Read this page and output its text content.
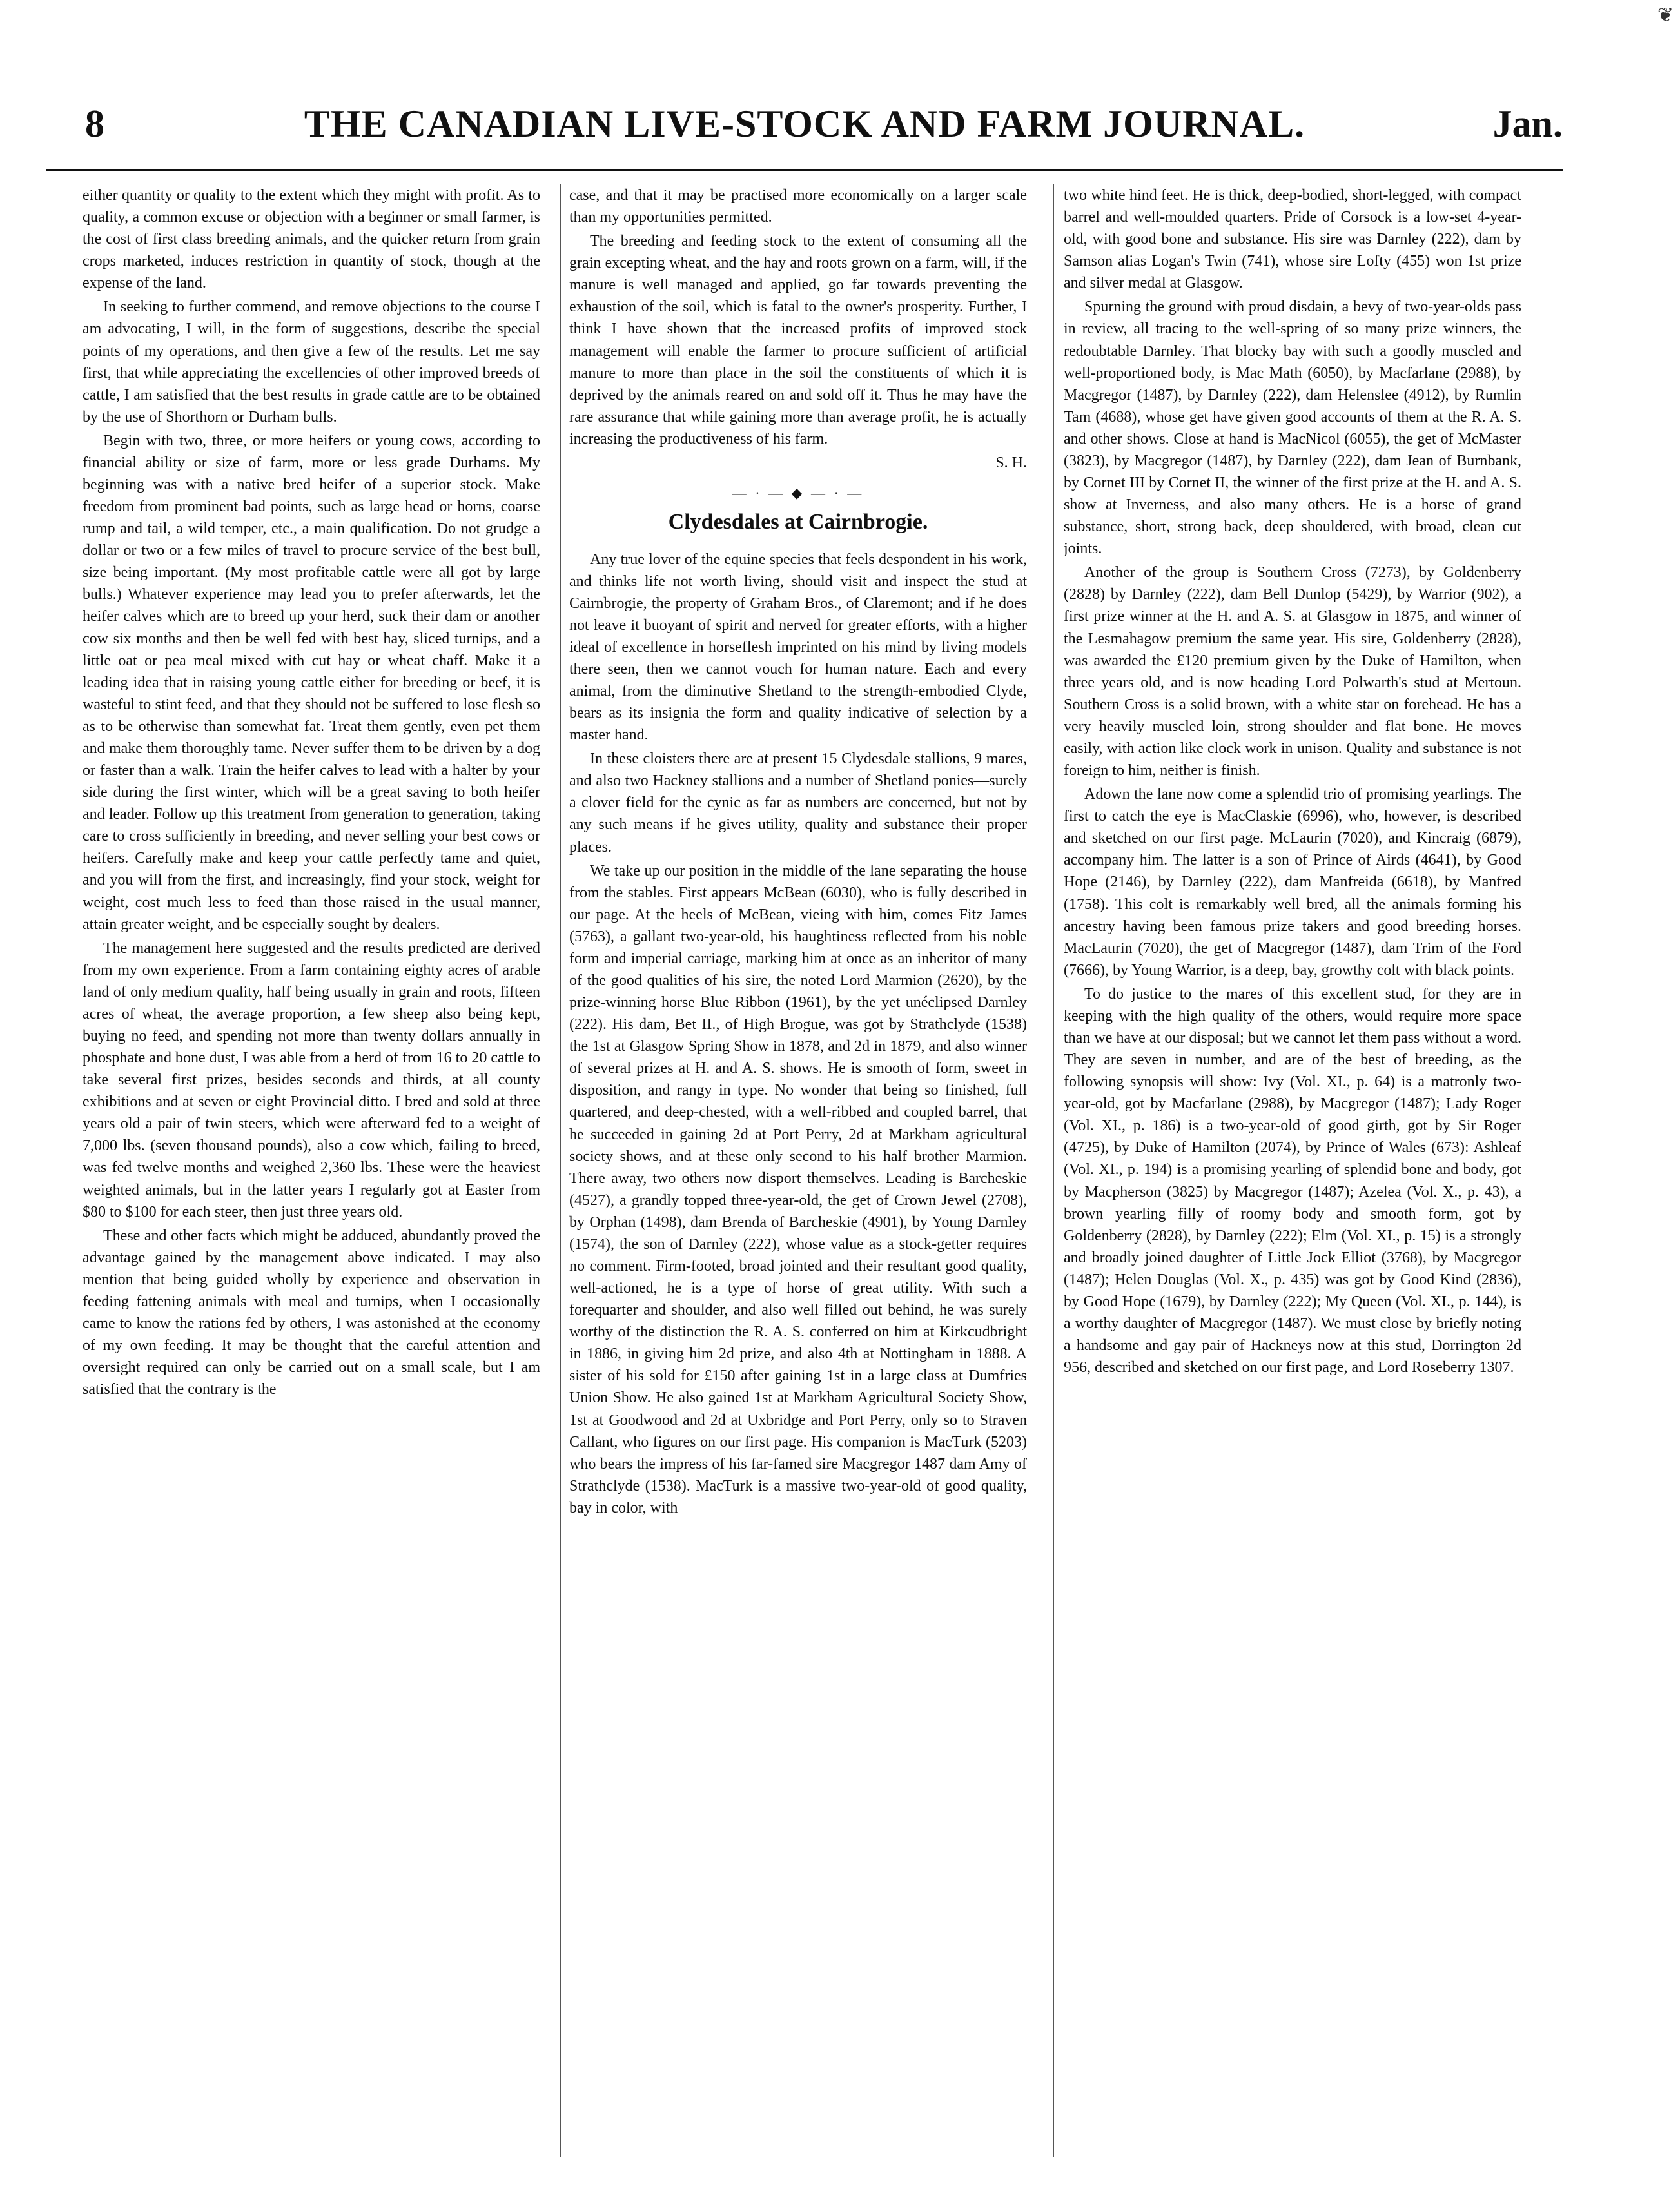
❦
8	THE CANADIAN LIVE-STOCK AND FARM JOURNAL.	Jan.

either quantity or quality to the extent which they might with profit. As to quality, a common excuse or objection with a beginner or small farmer, is the cost of first class breeding animals, and the quicker return from grain crops marketed, induces restriction in quantity of stock, though at the expense of the land.

In seeking to further commend, and remove objections to the course I am advocating, I will, in the form of suggestions, describe the special points of my operations, and then give a few of the results. Let me say first, that while appreciating the excellencies of other improved breeds of cattle, I am satisfied that the best results in grade cattle are to be obtained by the use of Shorthorn or Durham bulls.

Begin with two, three, or more heifers or young cows, according to financial ability or size of farm, more or less grade Durhams. My beginning was with a native bred heifer of a superior stock. Make freedom from prominent bad points, such as large head or horns, coarse rump and tail, a wild temper, etc., a main qualification. Do not grudge a dollar or two or a few miles of travel to procure service of the best bull, size being important. (My most profitable cattle were all got by large bulls.) Whatever experience may lead you to prefer afterwards, let the heifer calves which are to breed up your herd, suck their dam or another cow six months and then be well fed with best hay, sliced turnips, and a little oat or pea meal mixed with cut hay or wheat chaff. Make it a leading idea that in raising young cattle either for breeding or beef, it is wasteful to stint feed, and that they should not be suffered to lose flesh so as to be otherwise than somewhat fat. Treat them gently, even pet them and make them thoroughly tame. Never suffer them to be driven by a dog or faster than a walk. Train the heifer calves to lead with a halter by your side during the first winter, which will be a great saving to both heifer and leader. Follow up this treatment from generation to generation, taking care to cross sufficiently in breeding, and never selling your best cows or heifers. Carefully make and keep your cattle perfectly tame and quiet, and you will from the first, and increasingly, find your stock, weight for weight, cost much less to feed than those raised in the usual manner, attain greater weight, and be especially sought by dealers.

The management here suggested and the results predicted are derived from my own experience. From a farm containing eighty acres of arable land of only medium quality, half being usually in grain and roots, fifteen acres of wheat, the average proportion, a few sheep also being kept, buying no feed, and spending not more than twenty dollars annually in phosphate and bone dust, I was able from a herd of from 16 to 20 cattle to take several first prizes, besides seconds and thirds, at all county exhibitions and at seven or eight Provincial ditto. I bred and sold at three years old a pair of twin steers, which were afterward fed to a weight of 7,000 lbs. (seven thousand pounds), also a cow which, failing to breed, was fed twelve months and weighed 2,360 lbs. These were the heaviest weighted animals, but in the latter years I regularly got at Easter from $80 to $100 for each steer, then just three years old.

These and other facts which might be adduced, abundantly proved the advantage gained by the management above indicated. I may also mention that being guided wholly by experience and observation in feeding fattening animals with meal and turnips, when I occasionally came to know the rations fed by others, I was astonished at the economy of my own feeding. It may be thought that the careful attention and oversight required can only be carried out on a small scale, but I am satisfied that the contrary is the

case, and that it may be practised more economically on a larger scale than my opportunities permitted.

The breeding and feeding stock to the extent of consuming all the grain excepting wheat, and the hay and roots grown on a farm, will, if the manure is well managed and applied, go far towards preventing the exhaustion of the soil, which is fatal to the owner's prosperity. Further, I think I have shown that the increased profits of improved stock management will enable the farmer to procure sufficient of artificial manure to more than place in the soil the constituents of which it is deprived by the animals reared on and sold off it. Thus he may have the rare assurance that while gaining more than average profit, he is actually increasing the productiveness of his farm.

S. H.

— · — ◆ — · —
Clydesdales at Cairnbrogie.

Any true lover of the equine species that feels despondent in his work, and thinks life not worth living, should visit and inspect the stud at Cairnbrogie, the property of Graham Bros., of Claremont; and if he does not leave it buoyant of spirit and nerved for greater efforts, with a higher ideal of excellence in horseflesh imprinted on his mind by living models there seen, then we cannot vouch for human nature. Each and every animal, from the diminutive Shetland to the strength-embodied Clyde, bears as its insignia the form and quality indicative of selection by a master hand.

In these cloisters there are at present 15 Clydesdale stallions, 9 mares, and also two Hackney stallions and a number of Shetland ponies—surely a clover field for the cynic as far as numbers are concerned, but not by any such means if he gives utility, quality and substance their proper places.

We take up our position in the middle of the lane separating the house from the stables. First appears McBean (6030), who is fully described in our page. At the heels of McBean, vieing with him, comes Fitz James (5763), a gallant two-year-old, his haughtiness reflected from his noble form and imperial carriage, marking him at once as an inheritor of many of the good qualities of his sire, the noted Lord Marmion (2620), by the prize-winning horse Blue Ribbon (1961), by the yet unéclipsed Darnley (222). His dam, Bet II., of High Brogue, was got by Strathclyde (1538) the 1st at Glasgow Spring Show in 1878, and 2d in 1879, and also winner of several prizes at H. and A. S. shows. He is smooth of form, sweet in disposition, and rangy in type. No wonder that being so finished, full quartered, and deep-chested, with a well-ribbed and coupled barrel, that he succeeded in gaining 2d at Port Perry, 2d at Markham agricultural society shows, and at these only second to his half brother Marmion. There away, two others now disport themselves. Leading is Barcheskie (4527), a grandly topped three-year-old, the get of Crown Jewel (2708), by Orphan (1498), dam Brenda of Barcheskie (4901), by Young Darnley (1574), the son of Darnley (222), whose value as a stock-getter requires no comment. Firm-footed, broad jointed and their resultant good quality, well-actioned, he is a type of horse of great utility. With such a forequarter and shoulder, and also well filled out behind, he was surely worthy of the distinction the R. A. S. conferred on him at Kirkcudbright in 1886, in giving him 2d prize, and also 4th at Nottingham in 1888. A sister of his sold for £150 after gaining 1st in a large class at Dumfries Union Show. He also gained 1st at Markham Agricultural Society Show, 1st at Goodwood and 2d at Uxbridge and Port Perry, only so to Straven Callant, who figures on our first page. His companion is MacTurk (5203) who bears the impress of his far-famed sire Macgregor 1487 dam Amy of Strathclyde (1538). MacTurk is a massive two-year-old of good quality, bay in color, with

two white hind feet. He is thick, deep-bodied, short-legged, with compact barrel and well-moulded quarters. Pride of Corsock is a low-set 4-year-old, with good bone and substance. His sire was Darnley (222), dam by Samson alias Logan's Twin (741), whose sire Lofty (455) won 1st prize and silver medal at Glasgow.

Spurning the ground with proud disdain, a bevy of two-year-olds pass in review, all tracing to the well-spring of so many prize winners, the redoubtable Darnley. That blocky bay with such a goodly muscled and well-proportioned body, is Mac Math (6050), by Macfarlane (2988), by Macgregor (1487), by Darnley (222), dam Helenslee (4912), by Rumlin Tam (4688), whose get have given good accounts of them at the R. A. S. and other shows. Close at hand is MacNicol (6055), the get of McMaster (3823), by Macgregor (1487), by Darnley (222), dam Jean of Burnbank, by Cornet III by Cornet II, the winner of the first prize at the H. and A. S. show at Inverness, and also many others. He is a horse of grand substance, short, strong back, deep shouldered, with broad, clean cut joints.

Another of the group is Southern Cross (7273), by Goldenberry (2828) by Darnley (222), dam Bell Dunlop (5429), by Warrior (902), a first prize winner at the H. and A. S. at Glasgow in 1875, and winner of the Lesmahagow premium the same year. His sire, Goldenberry (2828), was awarded the £120 premium given by the Duke of Hamilton, when three years old, and is now heading Lord Polwarth's stud at Mertoun. Southern Cross is a solid brown, with a white star on forehead. He has a very heavily muscled loin, strong shoulder and flat bone. He moves easily, with action like clock work in unison. Quality and substance is not foreign to him, neither is finish.

Adown the lane now come a splendid trio of promising yearlings. The first to catch the eye is MacClaskie (6996), who, however, is described and sketched on our first page. McLaurin (7020), and Kincraig (6879), accompany him. The latter is a son of Prince of Airds (4641), by Good Hope (2146), by Darnley (222), dam Manfreida (6618), by Manfred (1758). This colt is remarkably well bred, all the animals forming his ancestry having been famous prize takers and good breeding horses. MacLaurin (7020), the get of Macgregor (1487), dam Trim of the Ford (7666), by Young Warrior, is a deep, bay, growthy colt with black points.

To do justice to the mares of this excellent stud, for they are in keeping with the high quality of the others, would require more space than we have at our disposal; but we cannot let them pass without a word. They are seven in number, and are of the best of breeding, as the following synopsis will show: Ivy (Vol. XI., p. 64) is a matronly two-year-old, got by Macfarlane (2988), by Macgregor (1487); Lady Roger (Vol. XI., p. 186) is a two-year-old of good girth, got by Sir Roger (4725), by Duke of Hamilton (2074), by Prince of Wales (673): Ashleaf (Vol. XI., p. 194) is a promising yearling of splendid bone and body, got by Macpherson (3825) by Macgregor (1487); Azelea (Vol. X., p. 43), a brown yearling filly of roomy body and smooth form, got by Goldenberry (2828), by Darnley (222); Elm (Vol. XI., p. 15) is a strongly and broadly joined daughter of Little Jock Elliot (3768), by Macgregor (1487); Helen Douglas (Vol. X., p. 435) was got by Good Kind (2836), by Good Hope (1679), by Darnley (222); My Queen (Vol. XI., p. 144), is a worthy daughter of Macgregor (1487). We must close by briefly noting a handsome and gay pair of Hackneys now at this stud, Dorrington 2d 956, described and sketched on our first page, and Lord Roseberry 1307.
